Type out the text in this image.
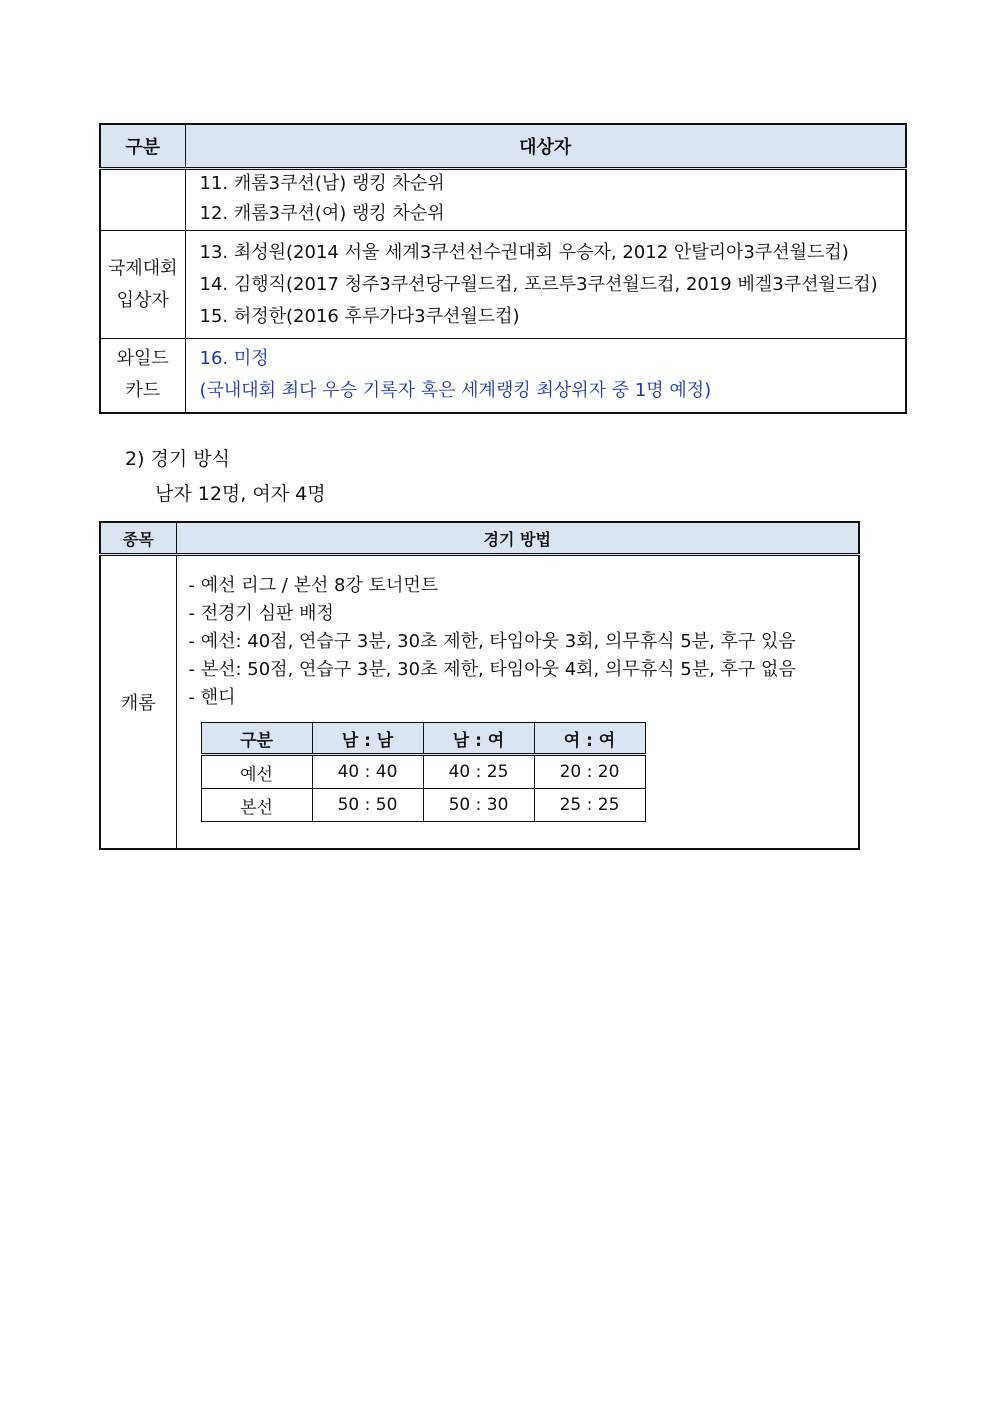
구분	대상자

	11. 캐롬3쿠션(남) 랭킹 차순위
12. 캐롬3쿠션(여) 랭킹 차순위

국제대회 입상자	13. 최성원(2014 서울 세계3쿠션선수권대회 우승자, 2012 안탈리아3쿠션월드컵)
14. 김행직(2017 청주3쿠션당구월드컵, 포르투3쿠션월드컵, 2019 베겔3쿠션월드컵)
15. 허정한(2016 후루가다3쿠션월드컵)

와일드 카드	16. 미정
(국내대회 최다 우승 기록자 혹은 세계랭킹 최상위자 중 1명 예정)
2) 경기 방식
남자 12명, 여자 4명
종목	경기 방법
캐롬	
- 예선 리그 / 본선 8강 토너먼트
- 전경기 심판 배정
- 예선: 40점, 연습구 3분, 30초 제한, 타임아웃 3회, 의무휴식 5분, 후구 있음
- 본선: 50점, 연습구 3분, 30초 제한, 타임아웃 4회, 의무휴식 5분, 후구 없음
- 핸디
구분	남 : 남	남 : 여	여 : 여
예선	40 : 40	40 : 25	20 : 20
본선	50 : 50	50 : 30	25 : 25
